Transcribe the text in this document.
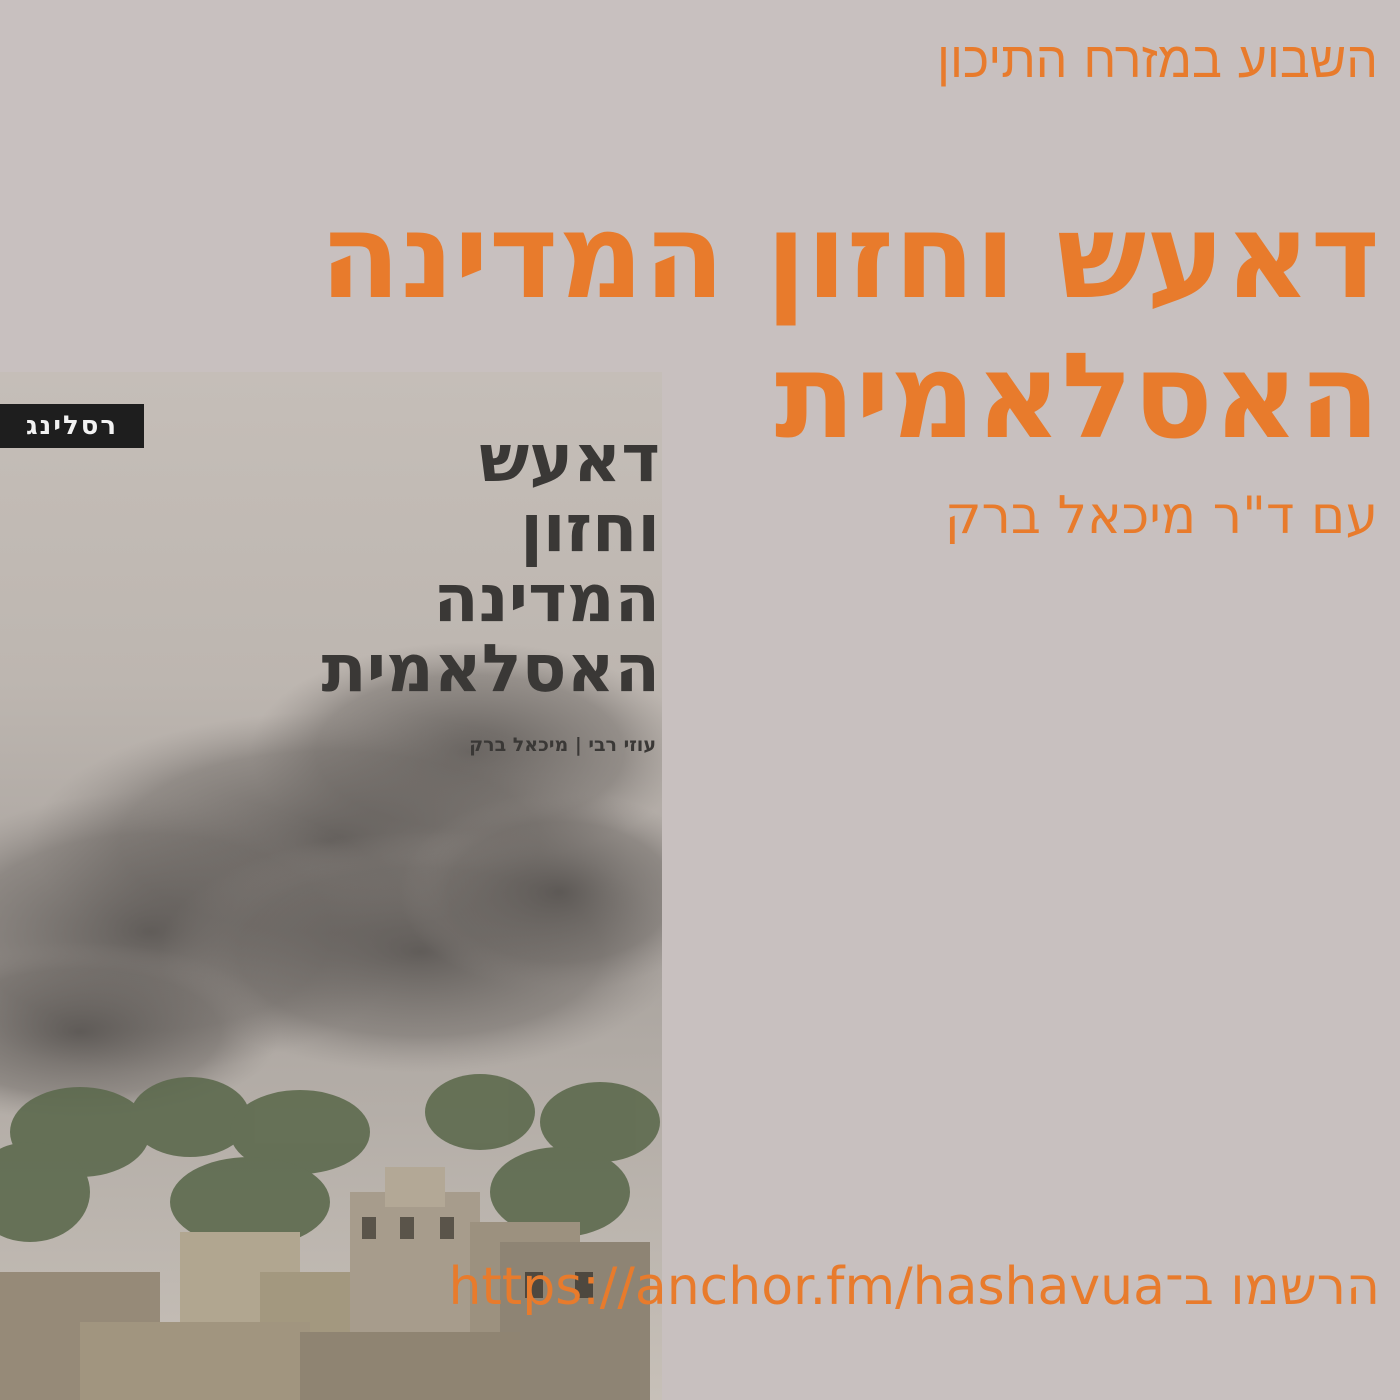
השבוע במזרח התיכון
דאעש וחזון המדינה האסלאמית
עם ד"ר מיכאל ברק
רסלינג	דאעש
וחזון
המדינה
האסלאמית
עוזי רבי | מיכאל ברק
הרשמו ב־https://anchor.fm/hashavua
